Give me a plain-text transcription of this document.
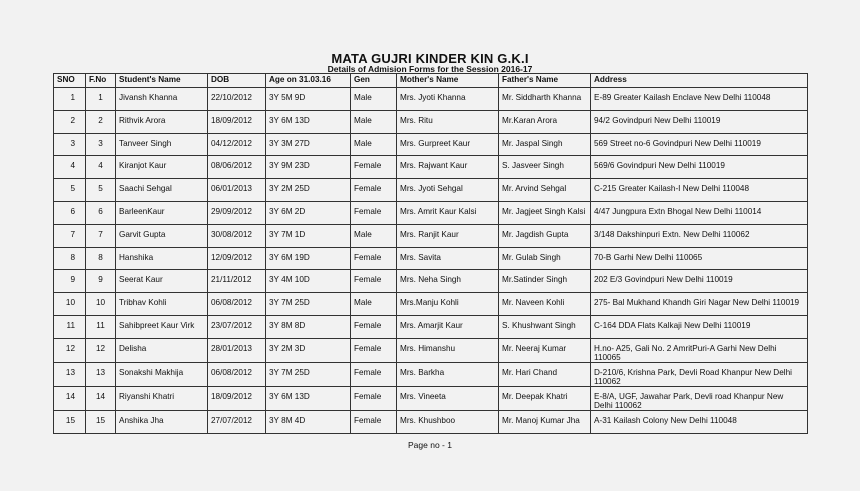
MATA GUJRI KINDER KIN G.K.I
Details of Admision Forms for the Session 2016-17
SNO	F.No	Student's Name	DOB	Age on 31.03.16	Gen	Mother's Name	Father's Name	Address
1	1	Jivansh Khanna	22/10/2012	3Y 5M 9D	Male	Mrs. Jyoti Khanna	Mr. Siddharth Khanna	E-89 Greater Kailash Enclave New Delhi 110048
2	2	Rithvik Arora	18/09/2012	3Y 6M 13D	Male	Mrs. Ritu	Mr.Karan Arora	94/2 Govindpuri New Delhi 110019
3	3	Tanveer Singh	04/12/2012	3Y 3M 27D	Male	Mrs. Gurpreet Kaur	Mr. Jaspal Singh	569 Street no-6 Govindpuri New Delhi 110019
4	4	Kiranjot Kaur	08/06/2012	3Y 9M 23D	Female	Mrs. Rajwant Kaur	S. Jasveer Singh	569/6 Govindpuri New Delhi 110019
5	5	Saachi Sehgal	06/01/2013	3Y 2M 25D	Female	Mrs. Jyoti Sehgal	Mr. Arvind Sehgal	C-215 Greater Kailash-I New Delhi 110048
6	6	BarleenKaur	29/09/2012	3Y 6M 2D	Female	Mrs. Amrit Kaur Kalsi	Mr. Jagjeet Singh Kalsi	4/47 Jungpura Extn Bhogal New Delhi 110014
7	7	Garvit Gupta	30/08/2012	3Y 7M 1D	Male	Mrs. Ranjit Kaur	Mr. Jagdish Gupta	3/148 Dakshinpuri Extn. New Delhi 110062
8	8	Hanshika	12/09/2012	3Y 6M 19D	Female	Mrs. Savita	Mr. Gulab Singh	70-B Garhi New Delhi 110065
9	9	Seerat Kaur	21/11/2012	3Y 4M 10D	Female	Mrs. Neha Singh	Mr.Satinder Singh	202 E/3 Govindpuri New Delhi 110019
10	10	Tribhav Kohli	06/08/2012	3Y 7M 25D	Male	Mrs.Manju Kohli	Mr. Naveen Kohli	275- Bal Mukhand Khandh Giri Nagar New Delhi 110019
11	11	Sahibpreet Kaur Virk	23/07/2012	3Y 8M 8D	Female	Mrs. Amarjit Kaur	S. Khushwant Singh	C-164 DDA Flats Kalkaji New Delhi 110019
12	12	Delisha	28/01/2013	3Y 2M 3D	Female	Mrs. Himanshu	Mr. Neeraj Kumar	H.no- A25, Gali No. 2 AmritPuri-A Garhi New Delhi 110065
13	13	Sonakshi Makhija	06/08/2012	3Y 7M 25D	Female	Mrs. Barkha	Mr. Hari Chand	D-210/6, Krishna Park, Devli Road Khanpur New Delhi 110062
14	14	Riyanshi Khatri	18/09/2012	3Y 6M 13D	Female	Mrs. Vineeta	Mr. Deepak Khatri	E-8/A, UGF, Jawahar Park, Devli road Khanpur New Delhi 110062
15	15	Anshika Jha	27/07/2012	3Y 8M 4D	Female	Mrs. Khushboo	Mr. Manoj Kumar Jha	A-31 Kailash Colony New Delhi 110048
Page no - 1
